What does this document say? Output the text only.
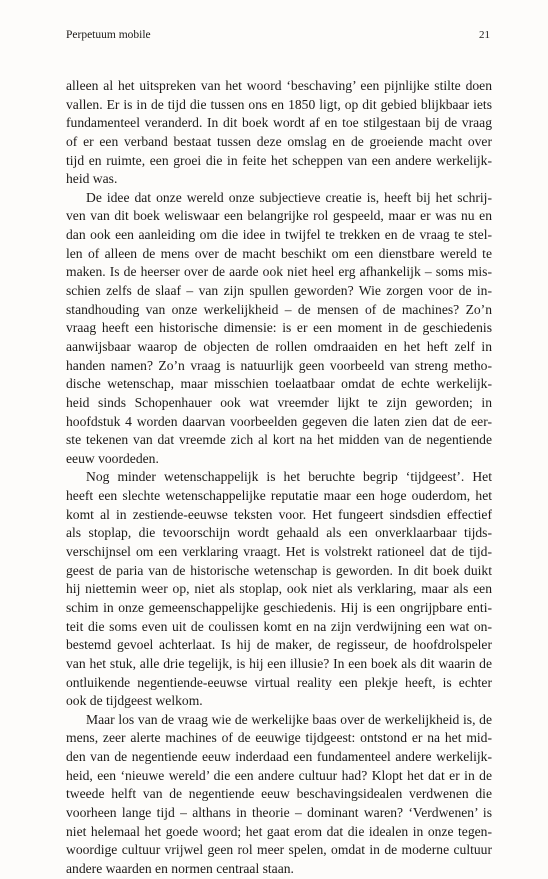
Perpetuum mobile	21
alleen al het uitspreken van het woord ‘beschaving’ een pijnlijke stilte doen
vallen. Er is in de tijd die tussen ons en 1850 ligt, op dit gebied blijkbaar iets
fundamenteel veranderd. In dit boek wordt af en toe stilgestaan bij de vraag
of er een verband bestaat tussen deze omslag en de groeiende macht over
tijd en ruimte, een groei die in feite het scheppen van een andere werkelijk-
heid was.
De idee dat onze wereld onze subjectieve creatie is, heeft bij het schrij-
ven van dit boek weliswaar een belangrijke rol gespeeld, maar er was nu en
dan ook een aanleiding om die idee in twijfel te trekken en de vraag te stel-
len of alleen de mens over de macht beschikt om een dienstbare wereld te
maken. Is de heerser over de aarde ook niet heel erg afhankelijk – soms mis-
schien zelfs de slaaf – van zijn spullen geworden? Wie zorgen voor de in-
standhouding van onze werkelijkheid – de mensen of de machines? Zo’n
vraag heeft een historische dimensie: is er een moment in de geschiedenis
aanwijsbaar waarop de objecten de rollen omdraaiden en het heft zelf in
handen namen? Zo’n vraag is natuurlijk geen voorbeeld van streng metho-
dische wetenschap, maar misschien toelaatbaar omdat de echte werkelijk-
heid sinds Schopenhauer ook wat vreemder lijkt te zijn geworden; in
hoofdstuk 4 worden daarvan voorbeelden gegeven die laten zien dat de eer-
ste tekenen van dat vreemde zich al kort na het midden van de negentiende
eeuw voordeden.
Nog minder wetenschappelijk is het beruchte begrip ‘tijdgeest’. Het
heeft een slechte wetenschappelijke reputatie maar een hoge ouderdom, het
komt al in zestiende-eeuwse teksten voor. Het fungeert sindsdien effectief
als stoplap, die tevoorschijn wordt gehaald als een onverklaarbaar tijds-
verschijnsel om een verklaring vraagt. Het is volstrekt rationeel dat de tijd-
geest de paria van de historische wetenschap is geworden. In dit boek duikt
hij niettemin weer op, niet als stoplap, ook niet als verklaring, maar als een
schim in onze gemeenschappelijke geschiedenis. Hij is een ongrijpbare enti-
teit die soms even uit de coulissen komt en na zijn verdwijning een wat on-
bestemd gevoel achterlaat. Is hij de maker, de regisseur, de hoofdrolspeler
van het stuk, alle drie tegelijk, is hij een illusie? In een boek als dit waarin de
ontluikende negentiende-eeuwse virtual reality een plekje heeft, is echter
ook de tijdgeest welkom.
Maar los van de vraag wie de werkelijke baas over de werkelijkheid is, de
mens, zeer alerte machines of de eeuwige tijdgeest: ontstond er na het mid-
den van de negentiende eeuw inderdaad een fundamenteel andere werkelijk-
heid, een ‘nieuwe wereld’ die een andere cultuur had? Klopt het dat er in de
tweede helft van de negentiende eeuw beschavingsidealen verdwenen die
voorheen lange tijd – althans in theorie – dominant waren? ‘Verdwenen’ is
niet helemaal het goede woord; het gaat erom dat die idealen in onze tegen-
woordige cultuur vrijwel geen rol meer spelen, omdat in de moderne cultuur
andere waarden en normen centraal staan.
